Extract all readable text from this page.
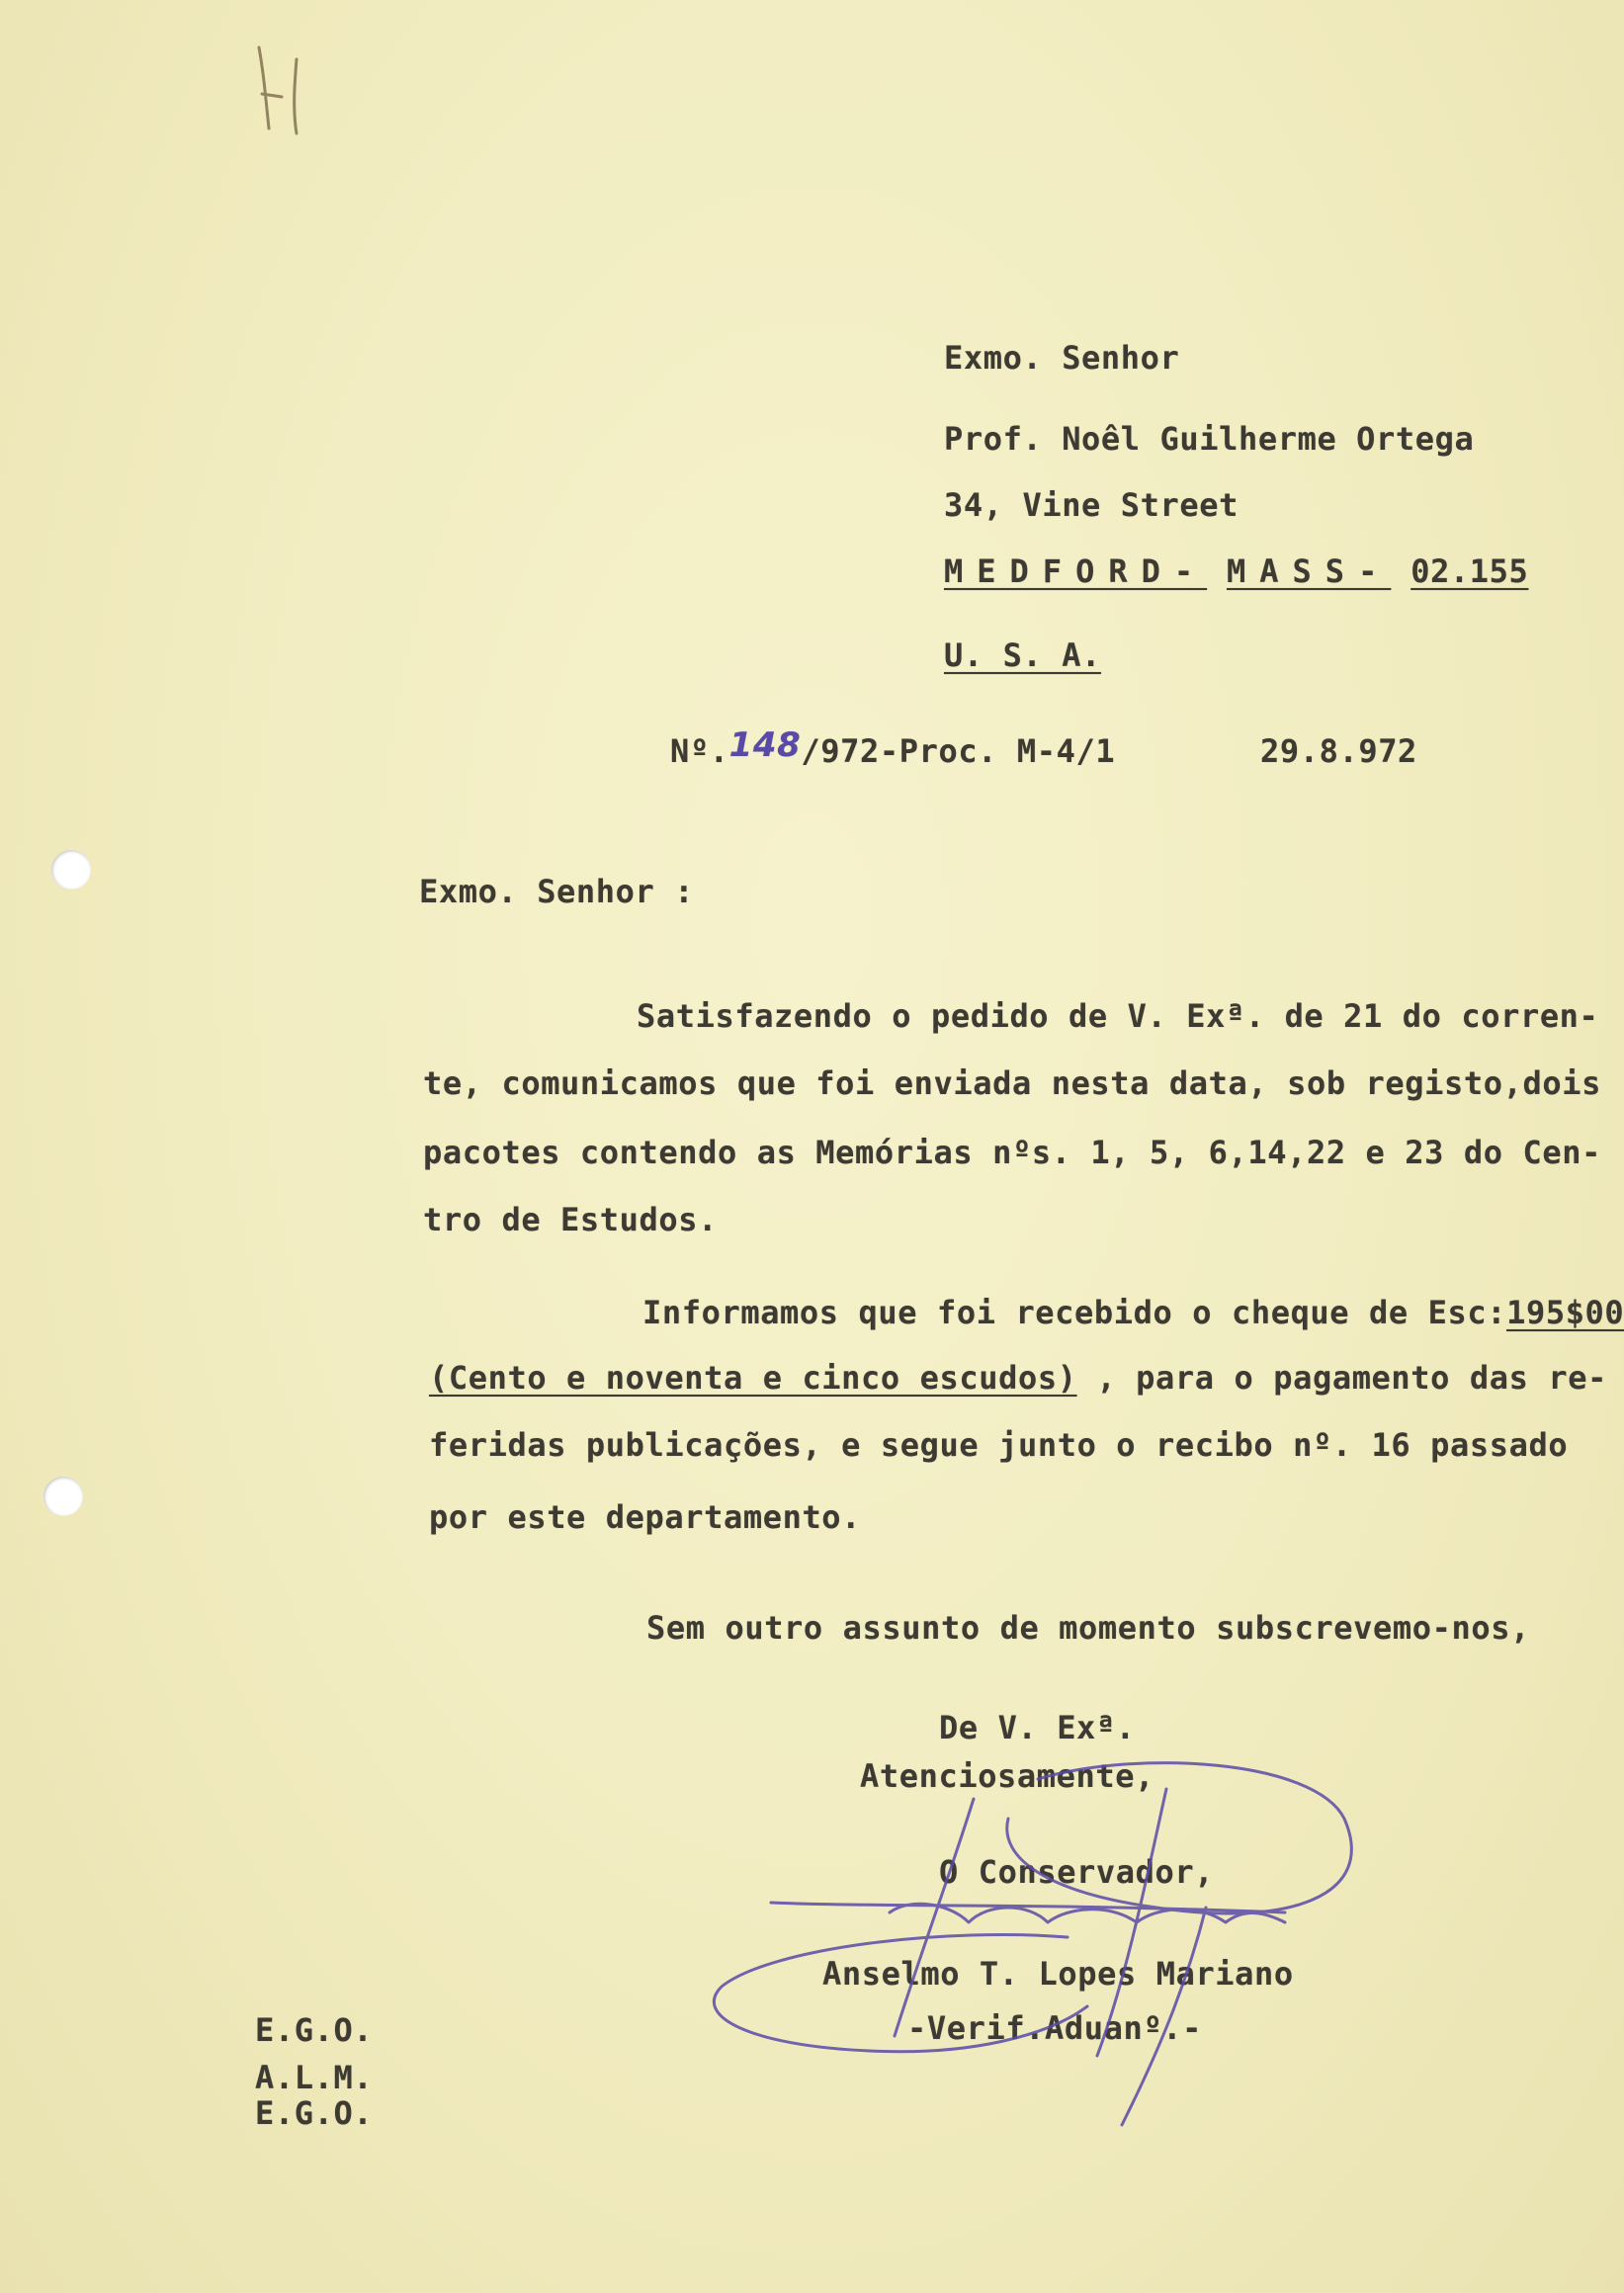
Exmo. Senhor
Prof. Noêl Guilherme Ortega
34, Vine Street
MEDFORD- MASS- 02.155
U. S. A.
Nº.148/972-Proc. M-4/1	29.8.972
Exmo. Senhor :
Satisfazendo o pedido de V. Exª. de 21 do corren-
te, comunicamos que foi enviada nesta data, sob registo,dois
pacotes contendo as Memórias nºs. 1, 5, 6,14,22 e 23 do Cen-
tro de Estudos.
Informamos que foi recebido o cheque de Esc:195$00
(Cento e noventa e cinco escudos) , para o pagamento das re-
feridas publicações, e segue junto o recibo nº. 16 passado
por este departamento.
Sem outro assunto de momento subscrevemo-nos,
De V. Exª.
Atenciosamente,
O Conservador,
Anselmo T. Lopes Mariano
-Verif.Aduanº.-
E.G.O.
A.L.M.
E.G.O.
